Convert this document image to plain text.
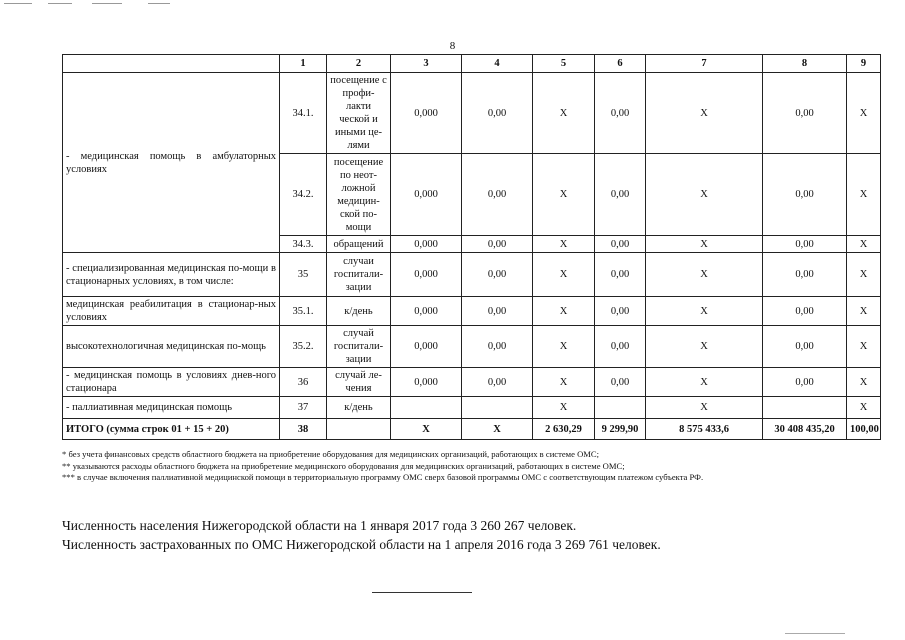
8
	1	2	3	4	5	6	7	8	9
- медицинская помощь в амбулаторных условиях	34.1.	посещение с профи-лакти ческой и иными це-лями	0,000	0,00	X	0,00	X	0,00	X
	34.2.	посещение по неот-ложной медицин-ской по-мощи	0,000	0,00	X	0,00	X	0,00	X
	34.3.	обращений	0,000	0,00	X	0,00	X	0,00	X
- специализированная медицинская по-мощи в стационарных условиях, в том числе:	35	случаи госпитали-зации	0,000	0,00	X	0,00	X	0,00	X
медицинская реабилитация в стационар-ных условиях	35.1.	к/день	0,000	0,00	X	0,00	X	0,00	X
высокотехнологичная медицинская по-мощь	35.2.	случай госпитали-зации	0,000	0,00	X	0,00	X	0,00	X
- медицинская помощь в условиях днев-ного стационара	36	случай ле-чения	0,000	0,00	X	0,00	X	0,00	X
- паллиативная медицинская помощь	37	к/день			X		X		X
ИТОГО (сумма строк 01 + 15 + 20)	38		X	X	2 630,29	9 299,90	8 575 433,6	30 408 435,20	100,00
* без учета финансовых средств областного бюджета на приобретение оборудования для медицинских организаций, работающих в системе ОМС;
** указываются расходы областного бюджета на приобретение медицинского оборудования для медицинских организаций, работающих в системе ОМС;
*** в случае включения паллиативной медицинской помощи в территориальную программу ОМС сверх базовой программы ОМС с соответствующим платежом субъекта РФ.
Численность населения Нижегородской области на 1 января 2017 года 3 260 267 человек.
Численность застрахованных по ОМС Нижегородской области на 1 апреля 2016 года 3 269 761 человек.
